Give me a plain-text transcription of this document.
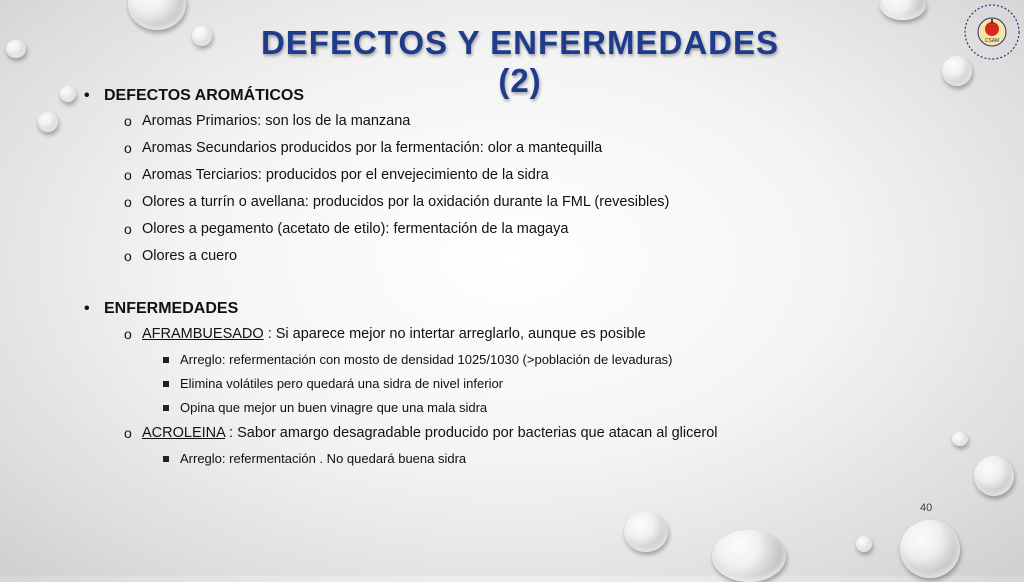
CSAM
DEFECTOS Y ENFERMEDADES (2)
• DEFECTOS AROMÁTICOS
o Aromas Primarios: son los de la manzana
o Aromas Secundarios producidos por la fermentación: olor a mantequilla
o Aromas Terciarios: producidos por el envejecimiento de la sidra
o Olores a turrín o avellana: producidos por la oxidación durante la FML (revesibles)
o Olores a pegamento (acetato de etilo): fermentación de la magaya
o Olores a cuero
• ENFERMEDADES
o AFRAMBUESADO : Si aparece mejor no intertar arreglarlo, aunque es posible
Arreglo: refermentación con mosto de densidad 1025/1030 (>población de levaduras)
Elimina volátiles pero quedará una sidra de nivel inferior
Opina que mejor un buen vinagre que una mala sidra
o ACROLEINA : Sabor amargo desagradable producido por bacterias que atacan al glicerol
Arreglo: refermentación . No quedará buena sidra
40
